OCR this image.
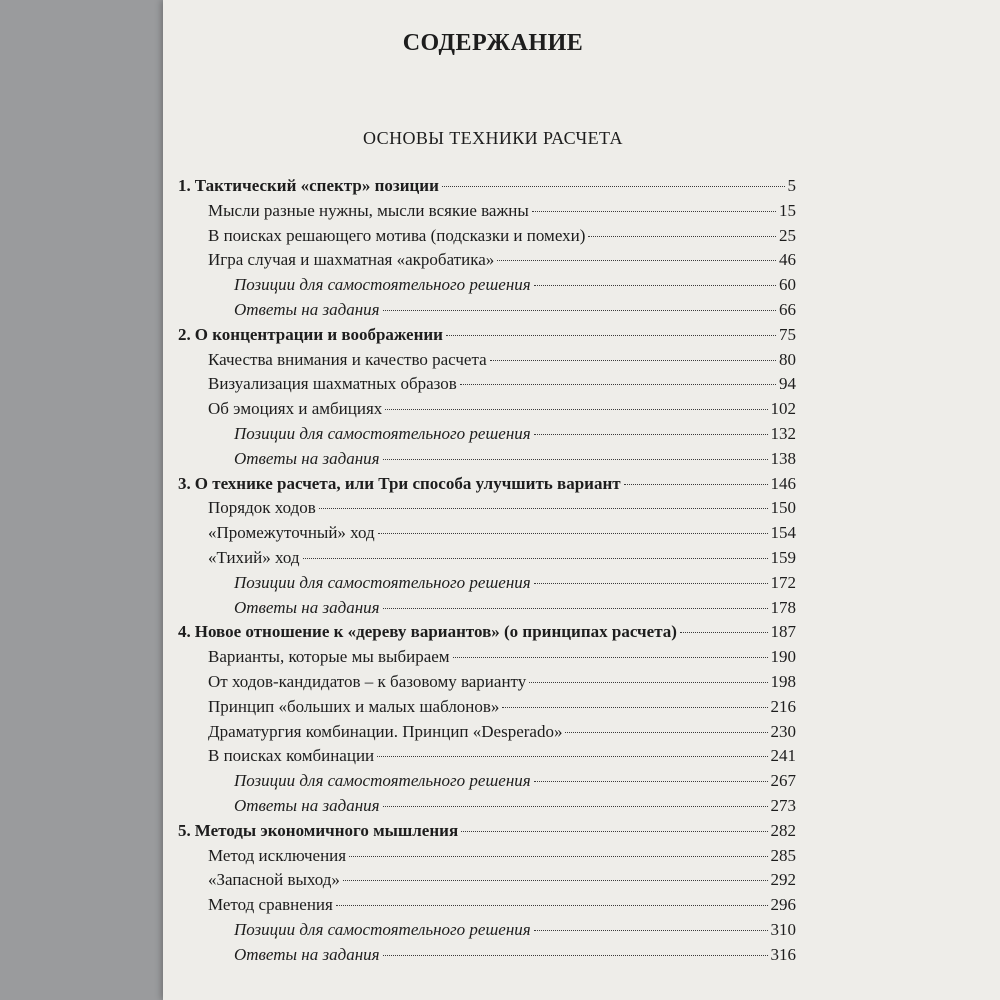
СОДЕРЖАНИЕ
ОСНОВЫ ТЕХНИКИ РАСЧЕТА
1. Тактический «спектр» позиции	5
Мысли разные нужны, мысли всякие важны	15
В поисках решающего мотива (подсказки и помехи)	25
Игра случая и шахматная «акробатика»	46
Позиции для самостоятельного решения	60
Ответы на задания	66
2. О концентрации и воображении	75
Качества внимания и качество расчета	80
Визуализация шахматных образов	94
Об эмоциях и амбициях	102
Позиции для самостоятельного решения	132
Ответы на задания	138
3. О технике расчета, или Три способа улучшить вариант	146
Порядок ходов	150
«Промежуточный» ход	154
«Тихий» ход	159
Позиции для самостоятельного решения	172
Ответы на задания	178
4. Новое отношение к «дереву вариантов» (о принципах расчета)	187
Варианты, которые мы выбираем	190
От ходов-кандидатов – к базовому варианту	198
Принцип «больших и малых шаблонов»	216
Драматургия комбинации. Принцип «Desperado»	230
В поисках комбинации	241
Позиции для самостоятельного решения	267
Ответы на задания	273
5. Методы экономичного мышления	282
Метод исключения	285
«Запасной выход»	292
Метод сравнения	296
Позиции для самостоятельного решения	310
Ответы на задания	316
